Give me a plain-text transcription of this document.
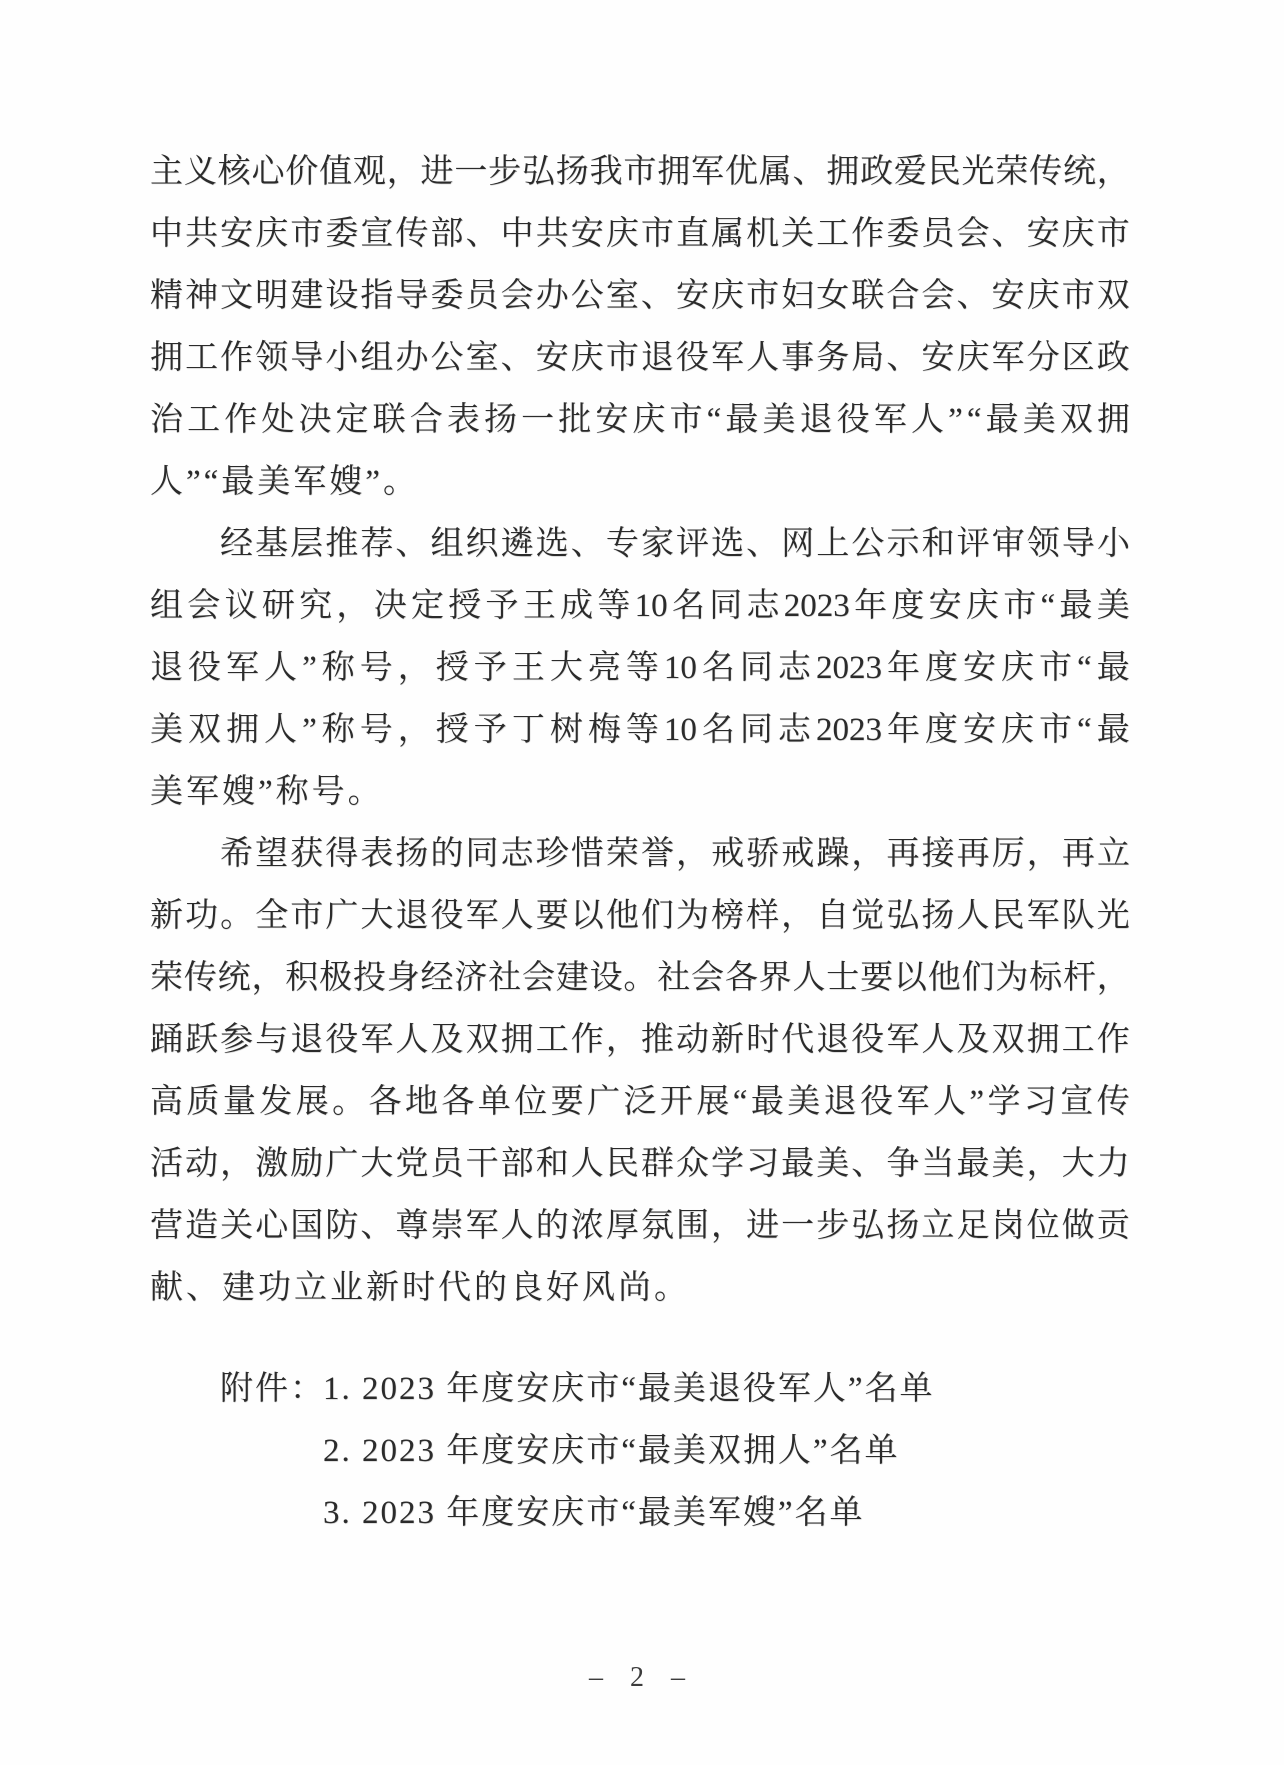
主 义 核 心 价 值 观 ， 进 一 步 弘 扬 我 市 拥 军 优 属 、 拥 政 爱 民 光 荣 传 统 ，
中 共 安 庆 市 委 宣 传 部 、 中 共 安 庆 市 直 属 机 关 工 作 委 员 会 、 安 庆 市
精 神 文 明 建 设 指 导 委 员 会 办 公 室 、 安 庆 市 妇 女 联 合 会 、 安 庆 市 双
拥 工 作 领 导 小 组 办 公 室 、 安 庆 市 退 役 军 人 事 务 局 、 安 庆 军 分 区 政
治 工 作 处 决 定 联 合 表 扬 一 批 安 庆 市 “ 最 美 退 役 军 人 ” “ 最 美 双 拥
人”“最美军嫂”。
经 基 层 推 荐 、 组 织 遴 选 、 专 家 评 选 、 网 上 公 示 和 评 审 领 导 小
组 会 议 研 究 ， 决 定 授 予 王 成 等 10 名 同 志 2023 年 度 安 庆 市 “ 最 美
退 役 军 人 ” 称 号 ， 授 予 王 大 亮 等 10 名 同 志 2023 年 度 安 庆 市 “ 最
美 双 拥 人 ” 称 号 ， 授 予 丁 树 梅 等 10 名 同 志 2023 年 度 安 庆 市 “ 最
美军嫂”称号。
希 望 获 得 表 扬 的 同 志 珍 惜 荣 誉 ， 戒 骄 戒 躁 ， 再 接 再 厉 ， 再 立
新 功 。 全 市 广 大 退 役 军 人 要 以 他 们 为 榜 样 ， 自 觉 弘 扬 人 民 军 队 光
荣 传 统 ， 积 极 投 身 经 济 社 会 建 设 。 社 会 各 界 人 士 要 以 他 们 为 标 杆 ，
踊 跃 参 与 退 役 军 人 及 双 拥 工 作 ， 推 动 新 时 代 退 役 军 人 及 双 拥 工 作
高 质 量 发 展 。 各 地 各 单 位 要 广 泛 开 展 “ 最 美 退 役 军 人 ” 学 习 宣 传
活 动 ， 激 励 广 大 党 员 干 部 和 人 民 群 众 学 习 最 美 、 争 当 最 美 ， 大 力
营 造 关 心 国 防 、 尊 崇 军 人 的 浓 厚 氛 围 ， 进 一 步 弘 扬 立 足 岗 位 做 贡
献、建功立业新时代的良好风尚。
附件：
1. 2023 年度安庆市“最美退役军人”名单
2. 2023 年度安庆市“最美双拥人”名单
3. 2023 年度安庆市“最美军嫂”名单
– 2 –
